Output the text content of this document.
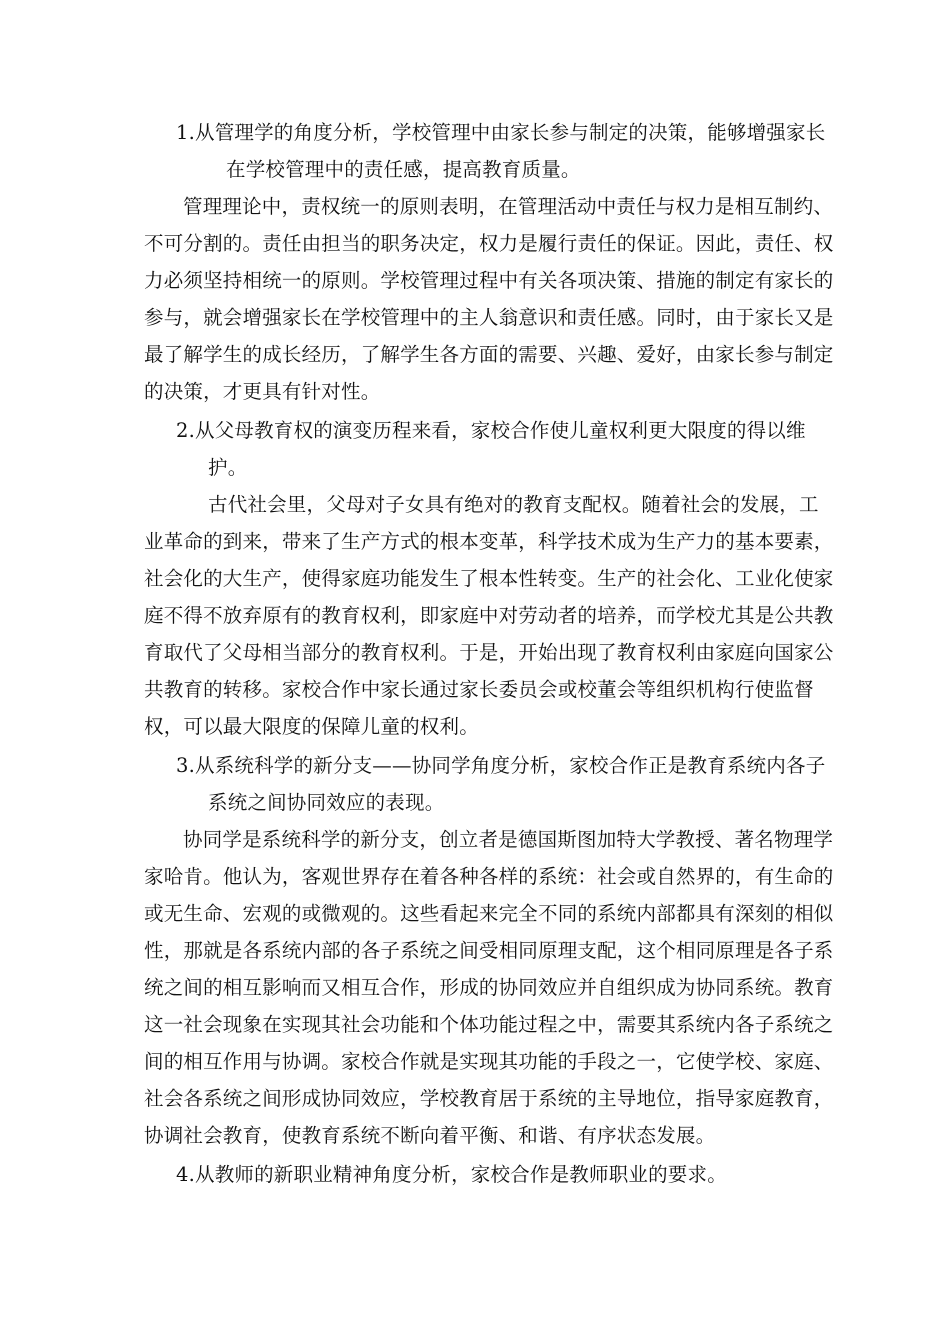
1.从管理学的角度分析，学校管理中由家长参与制定的决策，能够增强家长
在学校管理中的责任感，提高教育质量。
管理理论中，责权统一的原则表明，在管理活动中责任与权力是相互制约、
不可分割的。责任由担当的职务决定，权力是履行责任的保证。因此，责任、权
力必须坚持相统一的原则。学校管理过程中有关各项决策、措施的制定有家长的
参与，就会增强家长在学校管理中的主人翁意识和责任感。同时，由于家长又是
最了解学生的成长经历，了解学生各方面的需要、兴趣、爱好，由家长参与制定
的决策，才更具有针对性。
2.从父母教育权的演变历程来看，家校合作使儿童权利更大限度的得以维
护。
古代社会里，父母对子女具有绝对的教育支配权。随着社会的发展，工
业革命的到来，带来了生产方式的根本变革，科学技术成为生产力的基本要素，
社会化的大生产，使得家庭功能发生了根本性转变。生产的社会化、工业化使家
庭不得不放弃原有的教育权利，即家庭中对劳动者的培养，而学校尤其是公共教
育取代了父母相当部分的教育权利。于是，开始出现了教育权利由家庭向国家公
共教育的转移。家校合作中家长通过家长委员会或校董会等组织机构行使监督
权，可以最大限度的保障儿童的权利。
3.从系统科学的新分支——协同学角度分析，家校合作正是教育系统内各子
系统之间协同效应的表现。
协同学是系统科学的新分支，创立者是德国斯图加特大学教授、著名物理学
家哈肯。他认为，客观世界存在着各种各样的系统：社会或自然界的，有生命的
或无生命、宏观的或微观的。这些看起来完全不同的系统内部都具有深刻的相似
性，那就是各系统内部的各子系统之间受相同原理支配，这个相同原理是各子系
统之间的相互影响而又相互合作，形成的协同效应并自组织成为协同系统。教育
这一社会现象在实现其社会功能和个体功能过程之中，需要其系统内各子系统之
间的相互作用与协调。家校合作就是实现其功能的手段之一，它使学校、家庭、
社会各系统之间形成协同效应，学校教育居于系统的主导地位，指导家庭教育，
协调社会教育，使教育系统不断向着平衡、和谐、有序状态发展。
4.从教师的新职业精神角度分析，家校合作是教师职业的要求。
